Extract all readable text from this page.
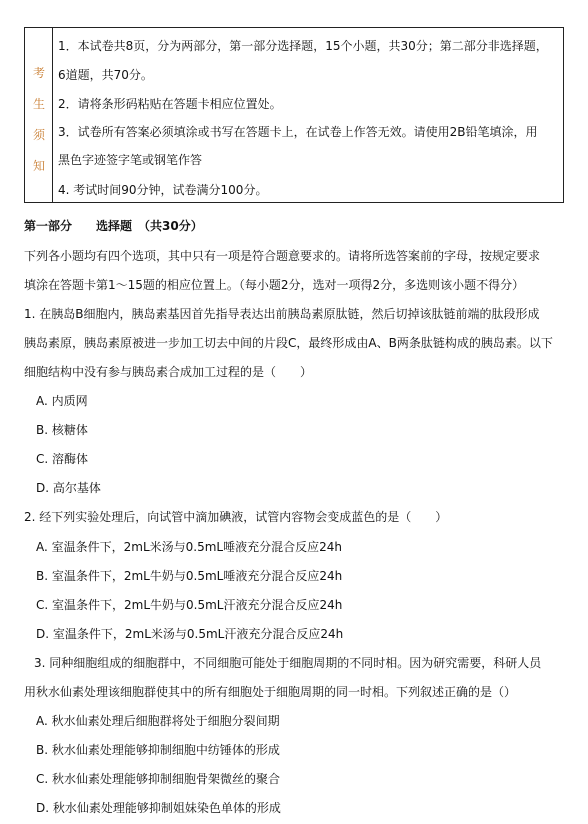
考
生
须
知
1．本试卷共8页，分为两部分，第一部分选择题，15个小题，共30分；第二部分非选择题，
6道题，共70分。
2．请将条形码粘贴在答题卡相应位置处。
3．试卷所有答案必须填涂或书写在答题卡上，在试卷上作答无效。请使用2B铅笔填涂，用
黑色字迹签字笔或钢笔作答
4. 考试时间90分钟，试卷满分100分。
第一部分　　选择题　（共30分）
下列各小题均有四个选项，其中只有一项是符合题意要求的。请将所选答案前的字母，按规定要求
填涂在答题卡第1～15题的相应位置上。（每小题2分，选对一项得2分，多选则该小题不得分）
1. 在胰岛B细胞内，胰岛素基因首先指导表达出前胰岛素原肽链，然后切掉该肽链前端的肽段形成
胰岛素原，胰岛素原被进一步加工切去中间的片段C，最终形成由A、B两条肽链构成的胰岛素。以下
细胞结构中没有参与胰岛素合成加工过程的是（　　）
A. 内质网
B. 核糖体
C. 溶酶体
D. 高尔基体
2. 经下列实验处理后，向试管中滴加碘液，试管内容物会变成蓝色的是（　　）
A. 室温条件下，2mL米汤与0.5mL唾液充分混合反应24h
B. 室温条件下，2mL牛奶与0.5mL唾液充分混合反应24h
C. 室温条件下，2mL牛奶与0.5mL汗液充分混合反应24h
D. 室温条件下，2mL米汤与0.5mL汗液充分混合反应24h
3. 同种细胞组成的细胞群中，不同细胞可能处于细胞周期的不同时相。因为研究需要，科研人员
用秋水仙素处理该细胞群使其中的所有细胞处于细胞周期的同一时相。下列叙述正确的是（）
A. 秋水仙素处理后细胞群将处于细胞分裂间期
B. 秋水仙素处理能够抑制细胞中纺锤体的形成
C. 秋水仙素处理能够抑制细胞骨架微丝的聚合
D. 秋水仙素处理能够抑制姐妹染色单体的形成
